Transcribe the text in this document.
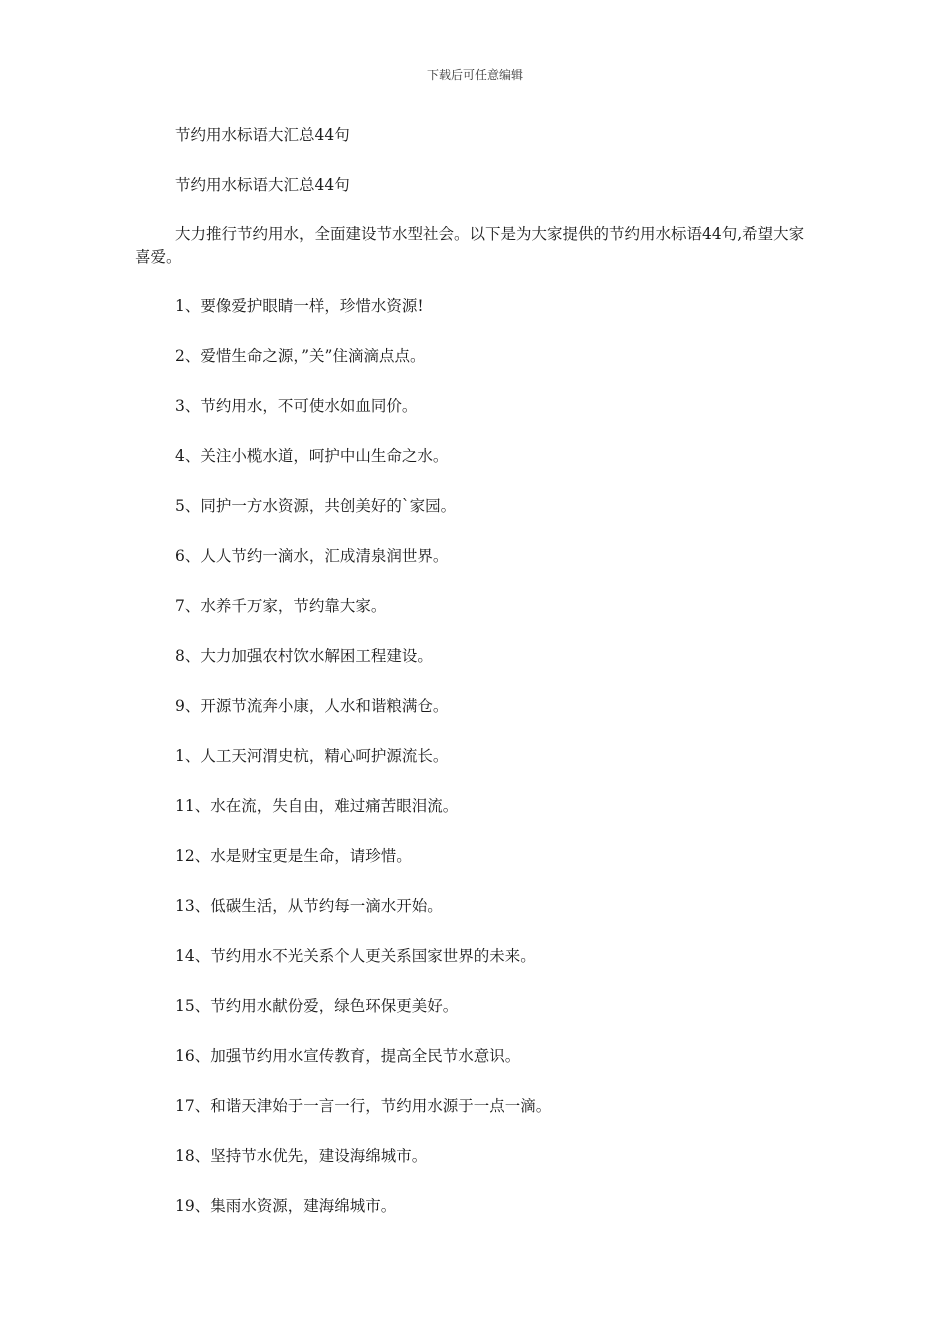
下载后可任意编辑

节约用水标语大汇总44句

节约用水标语大汇总44句

大力推行节约用水，全面建设节水型社会。以下是为大家提供的节约用水标语44句,希望大家喜爱。

1、要像爱护眼睛一样，珍惜水资源!

2、爱惜生命之源，”关”住滴滴点点。

3、节约用水，不可使水如血同价。

4、关注小榄水道，呵护中山生命之水。

5、同护一方水资源，共创美好的`家园。

6、人人节约一滴水，汇成清泉润世界。

7、水养千万家，节约靠大家。

8、大力加强农村饮水解困工程建设。

9、开源节流奔小康，人水和谐粮满仓。

1、人工天河渭史杭，精心呵护源流长。

11、水在流，失自由，难过痛苦眼泪流。

12、水是财宝更是生命，请珍惜。

13、低碳生活，从节约每一滴水开始。

14、节约用水不光关系个人更关系国家世界的未来。

15、节约用水献份爱，绿色环保更美好。

16、加强节约用水宣传教育，提高全民节水意识。

17、和谐天津始于一言一行，节约用水源于一点一滴。

18、坚持节水优先，建设海绵城市。

19、集雨水资源，建海绵城市。
